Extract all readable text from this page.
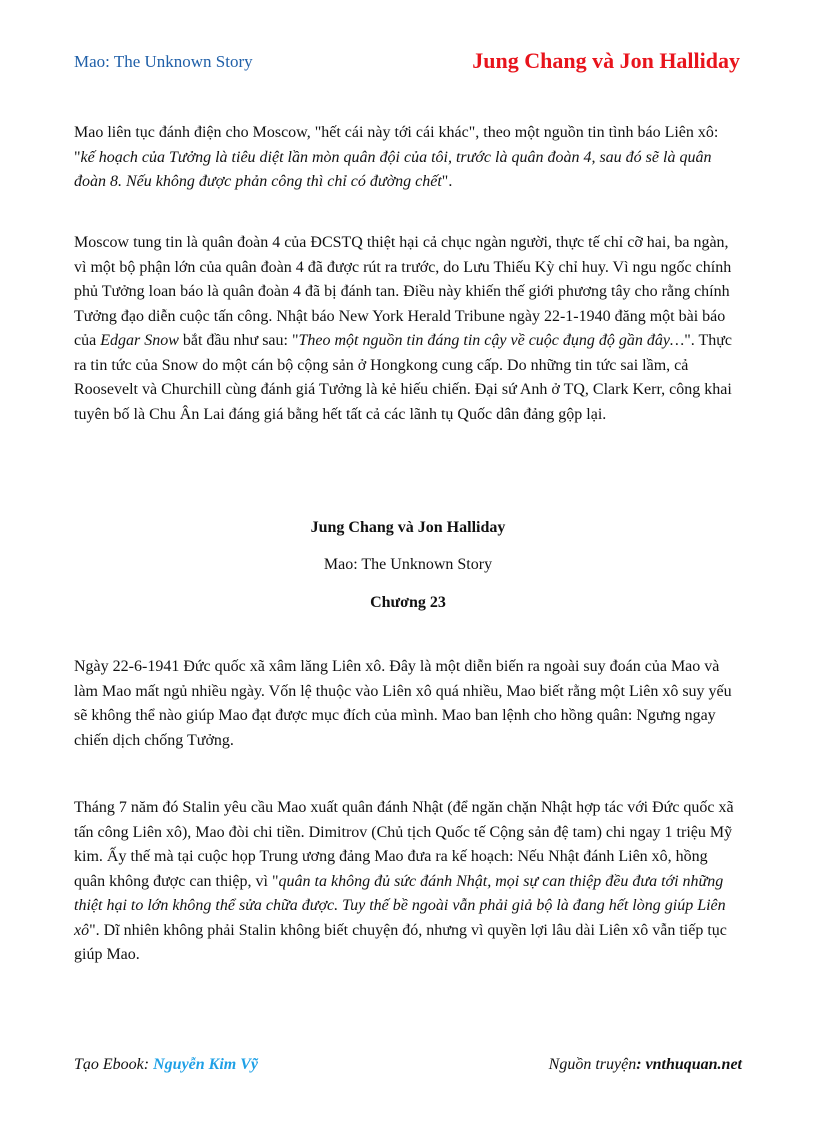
Mao: The Unknown Story	Jung Chang và Jon Halliday

Mao liên tục đánh điện cho Moscow, "hết cái này tới cái khác", theo một nguồn tin tình báo Liên xô: "kế hoạch của Tưởng là tiêu diệt lần mòn quân đội của tôi, trước là quân đoàn 4, sau đó sẽ là quân đoàn 8. Nếu không được phản công thì chỉ có đường chết".

Moscow tung tin là quân đoàn 4 của ĐCSTQ thiệt hại cả chục ngàn người, thực tế chỉ cỡ hai, ba ngàn, vì một bộ phận lớn của quân đoàn 4 đã được rút ra trước, do Lưu Thiếu Kỳ chỉ huy. Vì ngu ngốc chính phủ Tưởng loan báo là quân đoàn 4 đã bị đánh tan. Điều này khiến thế giới phương tây cho rằng chính Tưởng đạo diễn cuộc tấn công. Nhật báo New York Herald Tribune ngày 22-1-1940 đăng một bài báo của Edgar Snow bắt đầu như sau: "Theo một nguồn tin đáng tin cậy về cuộc đụng độ gần đây…". Thực ra tin tức của Snow do một cán bộ cộng sản ở Hongkong cung cấp. Do những tin tức sai lầm, cả Roosevelt và Churchill cùng đánh giá Tưởng là kẻ hiếu chiến. Đại sứ Anh ở TQ, Clark Kerr, công khai tuyên bố là Chu Ân Lai đáng giá bằng hết tất cả các lãnh tụ Quốc dân đảng gộp lại.

Jung Chang và Jon Halliday
Mao: The Unknown Story
Chương 23

Ngày 22-6-1941 Đức quốc xã xâm lăng Liên xô. Đây là một diễn biến ra ngoài suy đoán của Mao và làm Mao mất ngủ nhiều ngày. Vốn lệ thuộc vào Liên xô quá nhiều, Mao biết rằng một Liên xô suy yếu sẽ không thể nào giúp Mao đạt được mục đích của mình. Mao ban lệnh cho hồng quân: Ngưng ngay chiến dịch chống Tưởng.

Tháng 7 năm đó Stalin yêu cầu Mao xuất quân đánh Nhật (để ngăn chặn Nhật hợp tác với Đức quốc xã tấn công Liên xô), Mao đòi chi tiền. Dimitrov (Chủ tịch Quốc tế Cộng sản đệ tam) chi ngay 1 triệu Mỹ kim. Ấy thế mà tại cuộc họp Trung ương đảng Mao đưa ra kế hoạch: Nếu Nhật đánh Liên xô, hồng quân không được can thiệp, vì "quân ta không đủ sức đánh Nhật, mọi sự can thiệp đều đưa tới những thiệt hại to lớn không thể sửa chữa được. Tuy thế bề ngoài vẫn phải giả bộ là đang hết lòng giúp Liên xô". Dĩ nhiên không phải Stalin không biết chuyện đó, nhưng vì quyền lợi lâu dài Liên xô vẫn tiếp tục giúp Mao.

Tạo Ebook: Nguyễn Kim Vỹ	Nguồn truyện: vnthuquan.net
